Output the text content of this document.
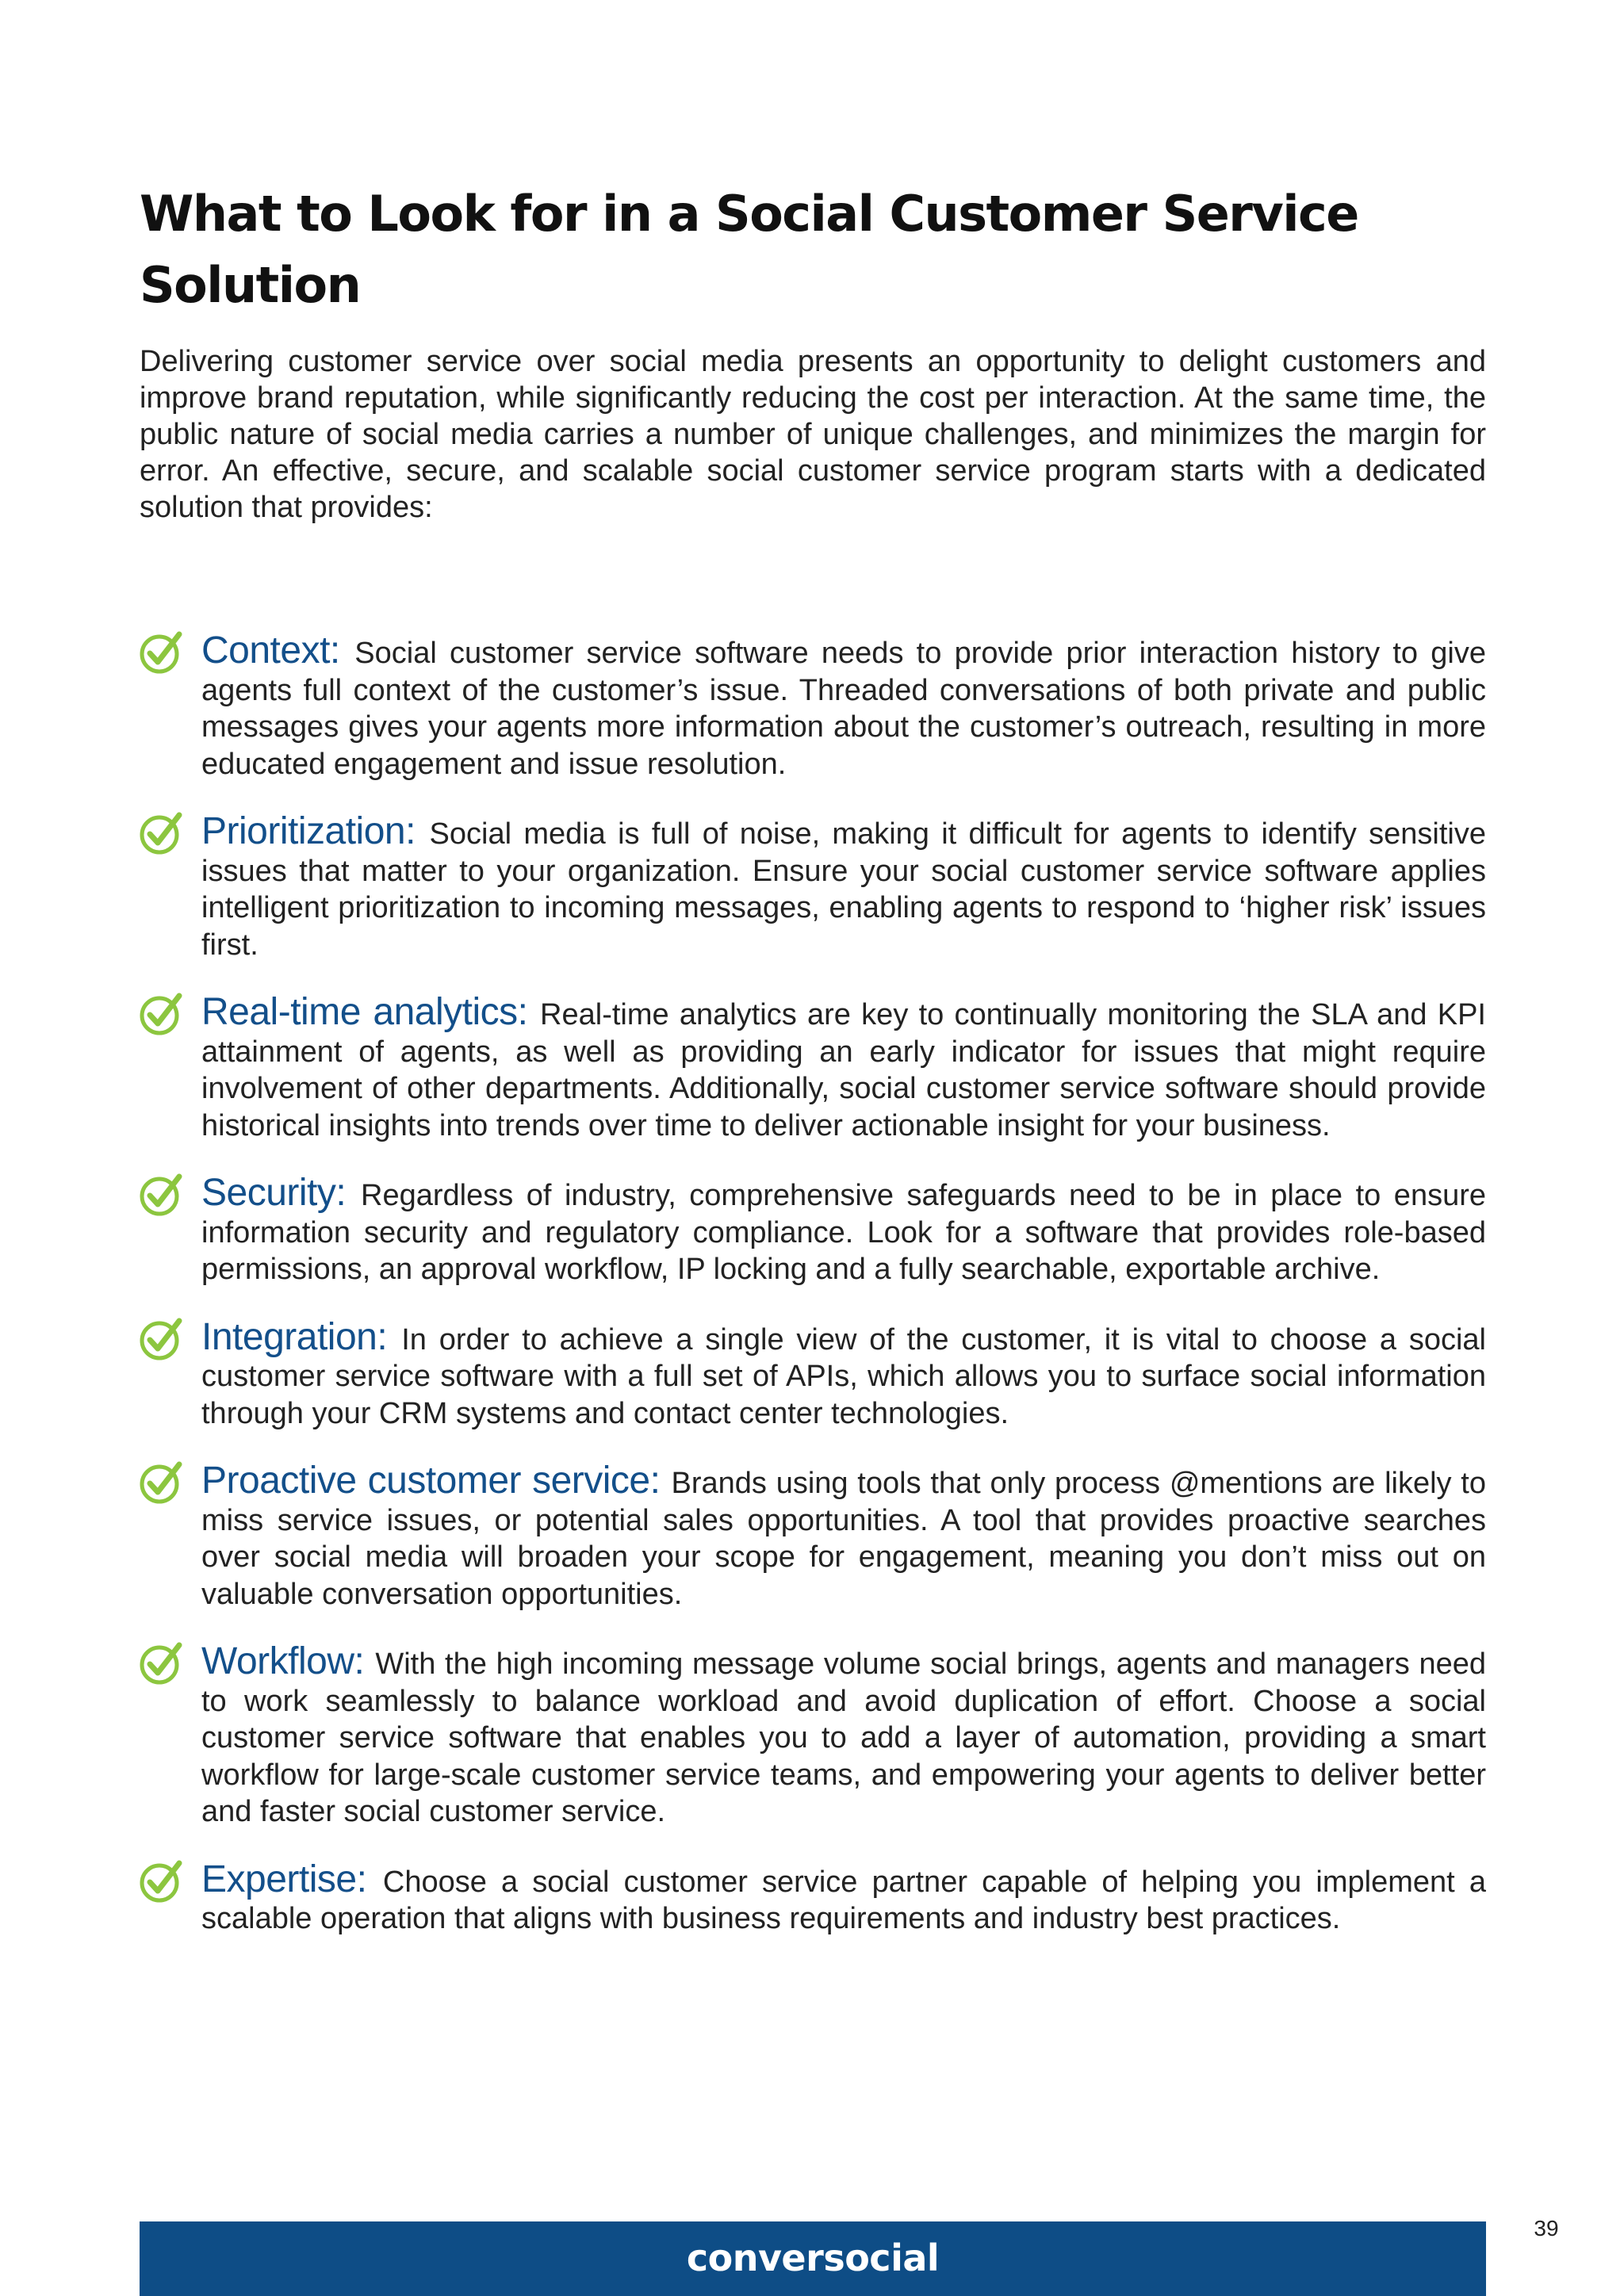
What to Look for in a Social Customer Service Solution

Delivering customer service over social media presents an opportunity to delight customers and improve brand reputation, while significantly reducing the cost per interaction. At the same time, the public nature of social media carries a number of unique challenges, and minimizes the margin for error. An effective, secure, and scalable social customer service program starts with a dedicated solution that provides:

Context: Social customer service software needs to provide prior interaction history to give agents full context of the customer’s issue. Threaded conversations of both private and public messages gives your agents more information about the customer’s outreach, resulting in more educated engagement and issue resolution.
Prioritization: Social media is full of noise, making it difficult for agents to identify sensitive issues that matter to your organization. Ensure your social customer service software applies intelligent prioritization to incoming messages, enabling agents to respond to ‘higher risk’ issues first.
Real-time analytics: Real-time analytics are key to continually monitoring the SLA and KPI attainment of agents, as well as providing an early indicator for issues that might require involvement of other departments. Additionally, social customer service software should provide historical insights into trends over time to deliver actionable insight for your business.
Security: Regardless of industry, comprehensive safeguards need to be in place to ensure information security and regulatory compliance. Look for a software that provides role-based permissions, an approval workflow, IP locking and a fully searchable, exportable archive.
Integration: In order to achieve a single view of the customer, it is vital to choose a social customer service software with a full set of APIs, which allows you to surface social information through your CRM systems and contact center technologies.
Proactive customer service: Brands using tools that only process @mentions are likely to miss service issues, or potential sales opportunities. A tool that provides proactive searches over social media will broaden your scope for engagement, meaning you don’t miss out on valuable conversation opportunities.
Workflow: With the high incoming message volume social brings, agents and managers need to work seamlessly to balance workload and avoid duplication of effort. Choose a social customer service software that enables you to add a layer of automation, providing a smart workflow for large-scale customer service teams, and empowering your agents to deliver better and faster social customer service.
Expertise: Choose a social customer service partner capable of helping you implement a scalable operation that aligns with business requirements and industry best practices.
conversocial
39
